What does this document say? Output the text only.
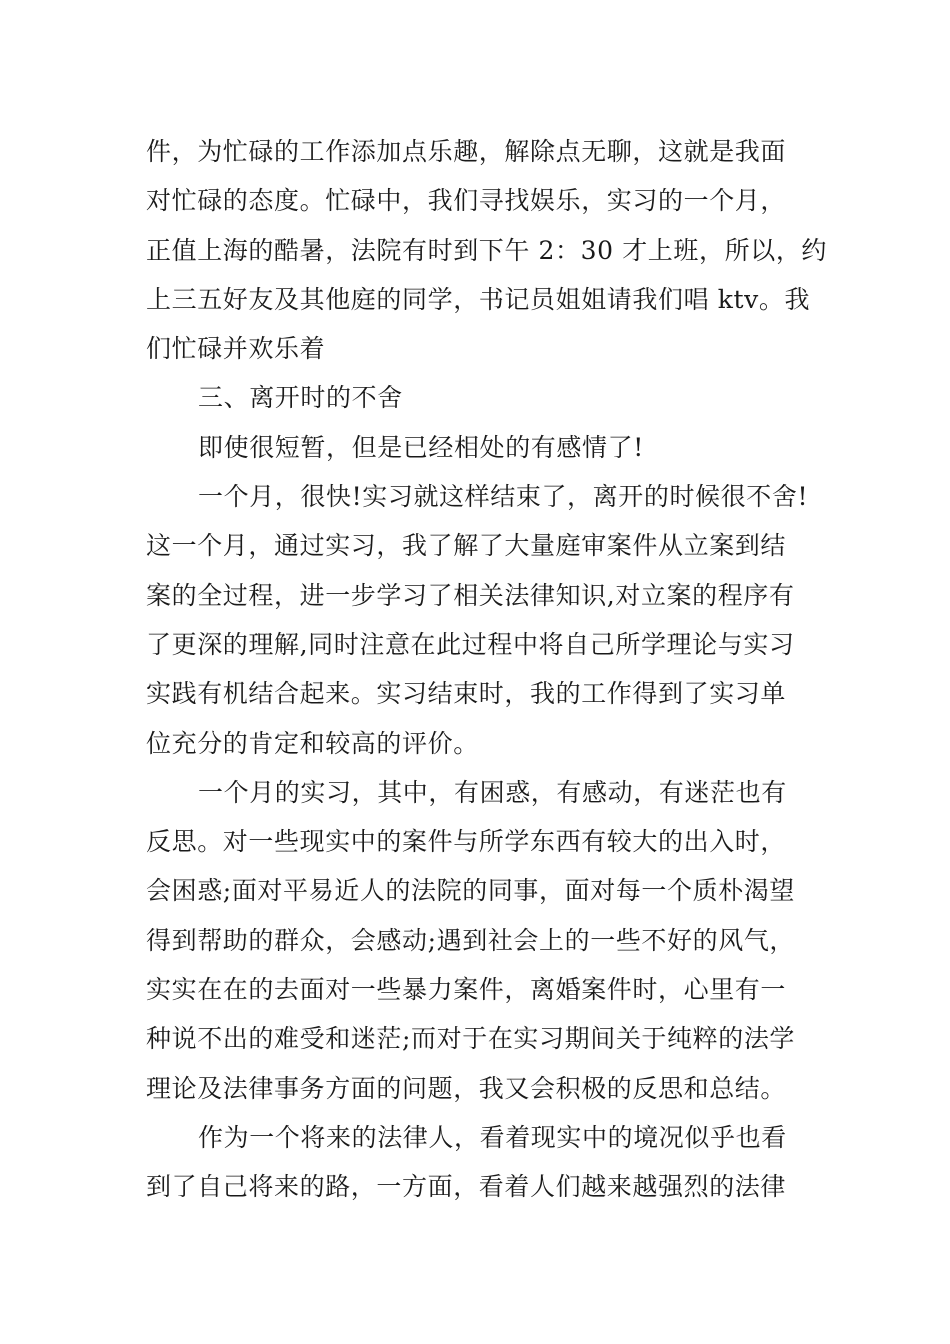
件，为忙碌的工作添加点乐趣，解除点无聊，这就是我面
对忙碌的态度。忙碌中，我们寻找娱乐，实习的一个月，
正值上海的酷暑，法院有时到下午 2：30 才上班，所以，约
上三五好友及其他庭的同学，书记员姐姐请我们唱 ktv。我
们忙碌并欢乐着
三、离开时的不舍
即使很短暂，但是已经相处的有感情了!
一个月，很快!实习就这样结束了，离开的时候很不舍!
这一个月，通过实习，我了解了大量庭审案件从立案到结
案的全过程，进一步学习了相关法律知识,对立案的程序有
了更深的理解,同时注意在此过程中将自己所学理论与实习
实践有机结合起来。实习结束时，我的工作得到了实习单
位充分的肯定和较高的评价。
一个月的实习，其中，有困惑，有感动，有迷茫也有
反思。对一些现实中的案件与所学东西有较大的出入时，
会困惑;面对平易近人的法院的同事，面对每一个质朴渴望
得到帮助的群众，会感动;遇到社会上的一些不好的风气，
实实在在的去面对一些暴力案件，离婚案件时，心里有一
种说不出的难受和迷茫;而对于在实习期间关于纯粹的法学
理论及法律事务方面的问题，我又会积极的反思和总结。
作为一个将来的法律人，看着现实中的境况似乎也看
到了自己将来的路，一方面，看着人们越来越强烈的法律
